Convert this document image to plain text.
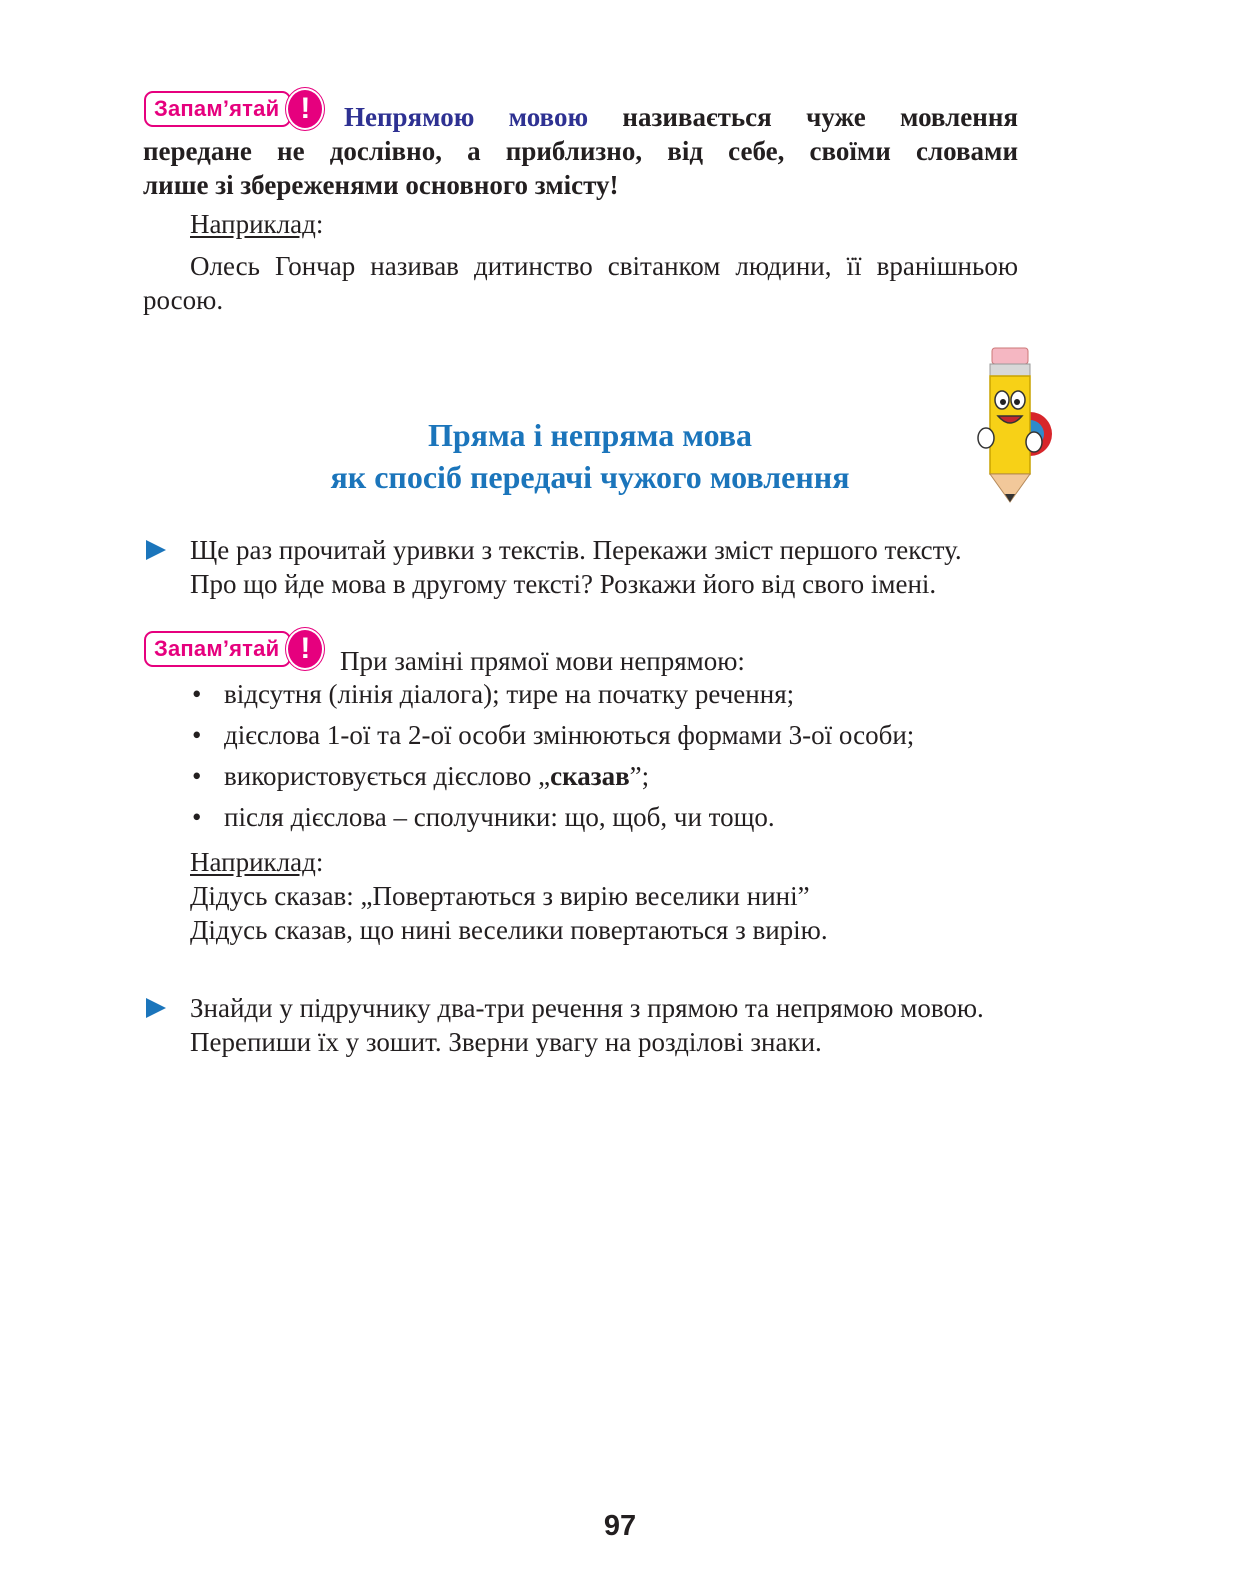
Запам’ятай !	Непрямою мовою називається чуже мовлення
передане не дослівно, а приблизно, від себе, своїми словами
лише зі збереженями основного змісту!
Наприклад:
Олесь Гончар називав дитинство світанком людини, її вранішньою
росою.
Пряма і непряма мова
як спосіб передачі чужого мовлення
Ще раз прочитай уривки з текстів. Перекажи зміст першого тексту.
Про що йде мова в другому тексті? Розкажи його від свого імені.
Запам’ятай !	При заміні прямої мови непрямою:
• відсутня (лінія діалога); тире на початку речення;
• дієслова 1-ої та 2-ої особи змінюються формами 3-ої особи;
• використовується дієслово „сказав”;
• після дієслова – сполучники: що, щоб, чи тощо.
Наприклад:
Дідусь сказав: „Повертаються з вирію веселики нині”
Дідусь сказав, що нині веселики повертаються з вирію.
Знайди у підручнику два-три речення з прямою та непрямою мовою.
Перепиши їх у зошит. Зверни увагу на розділові знаки.
97
